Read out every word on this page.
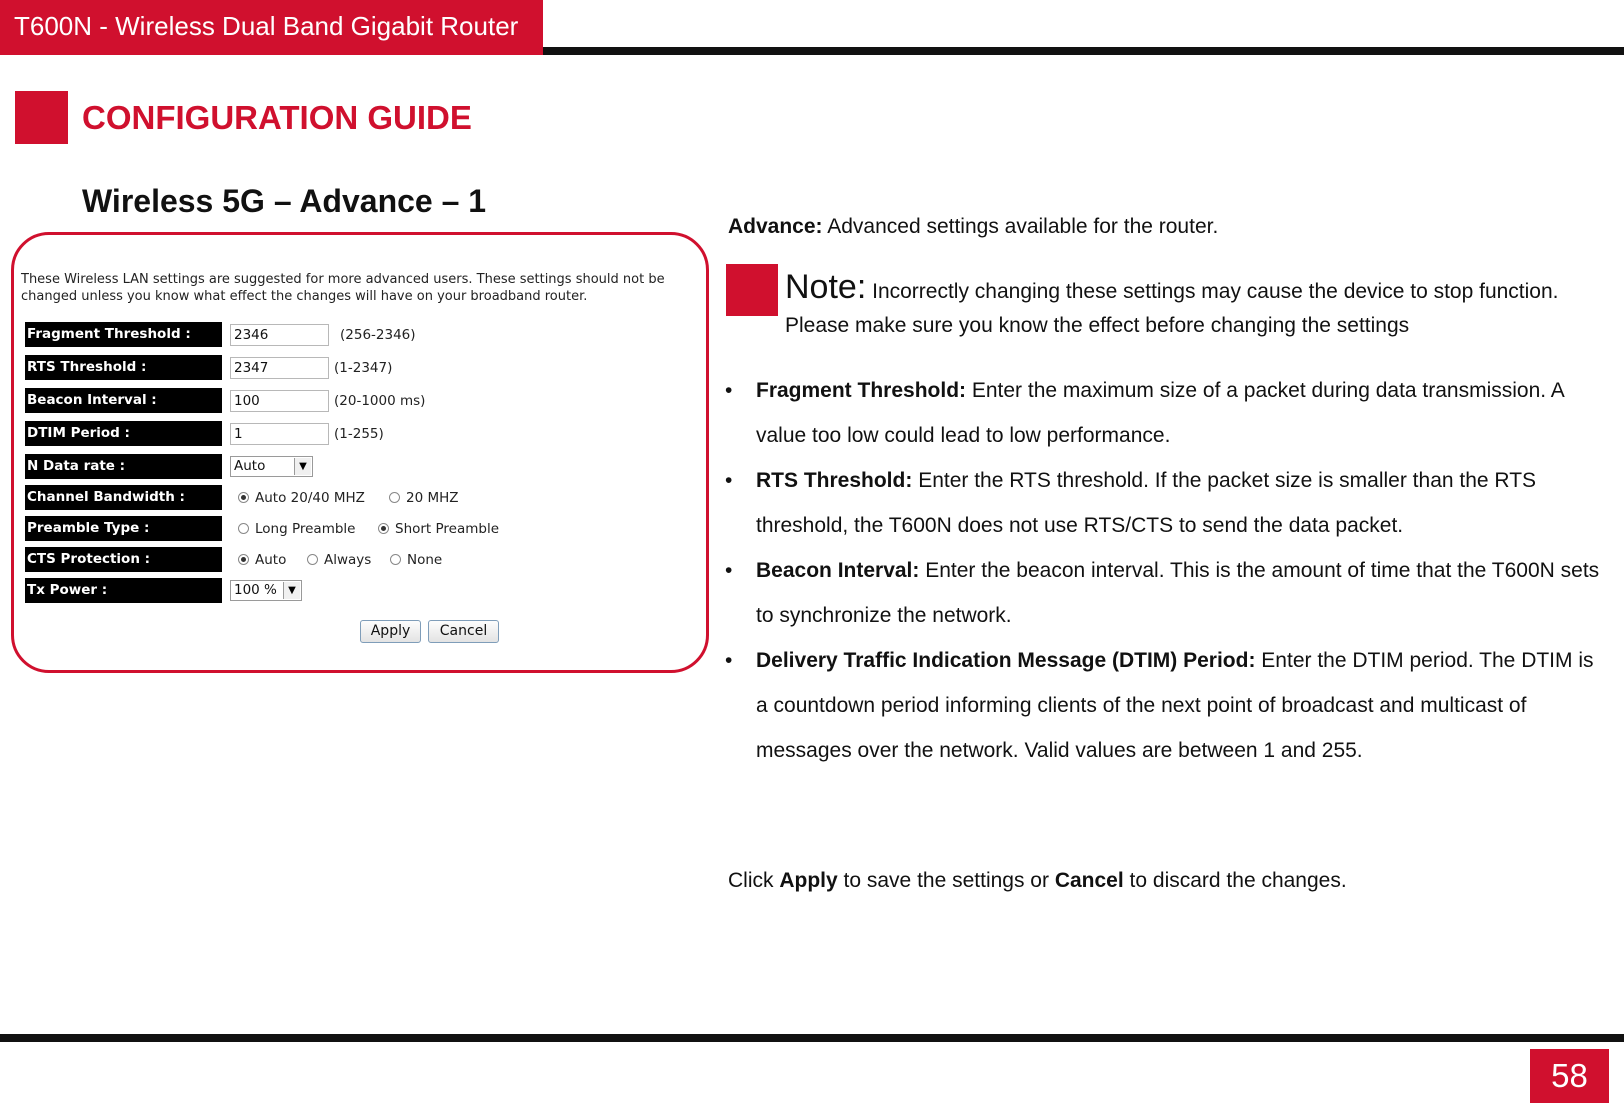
T600N - Wireless Dual Band Gigabit Router
CONFIGURATION GUIDE
Wireless 5G – Advance – 1
These Wireless LAN settings are suggested for more advanced users. These settings should not be changed unless you know what effect the changes will have on your broadband router.
Fragment Threshold :	2346	(256-2346)
RTS Threshold :	2347	(1-2347)
Beacon Interval :	100	(20-1000 ms)
DTIM Period :	1	(1-255)
N Data rate :	Auto	▼
Channel Bandwidth :	Auto 20/40 MHZ	20 MHZ
Preamble Type :	Long Preamble	Short Preamble
CTS Protection :	Auto	Always	None
Tx Power :	100 %	▼
Apply	Cancel
Advance: Advanced settings available for the router.
Note: Incorrectly changing these settings may cause the device to stop function. Please make sure you know the effect before changing the settings
• Fragment Threshold: Enter the maximum size of a packet during data transmission. A value too low could lead to low performance.
• RTS Threshold: Enter the RTS threshold. If the packet size is smaller than the RTS threshold, the T600N does not use RTS/CTS to send the data packet.
• Beacon Interval: Enter the beacon interval. This is the amount of time that the T600N sets to synchronize the network.
• Delivery Traffic Indication Message (DTIM) Period: Enter the DTIM period. The DTIM is a countdown period informing clients of the next point of broadcast and multicast of messages over the network. Valid values are between 1 and 255.
Click Apply to save the settings or Cancel to discard the changes.
58
